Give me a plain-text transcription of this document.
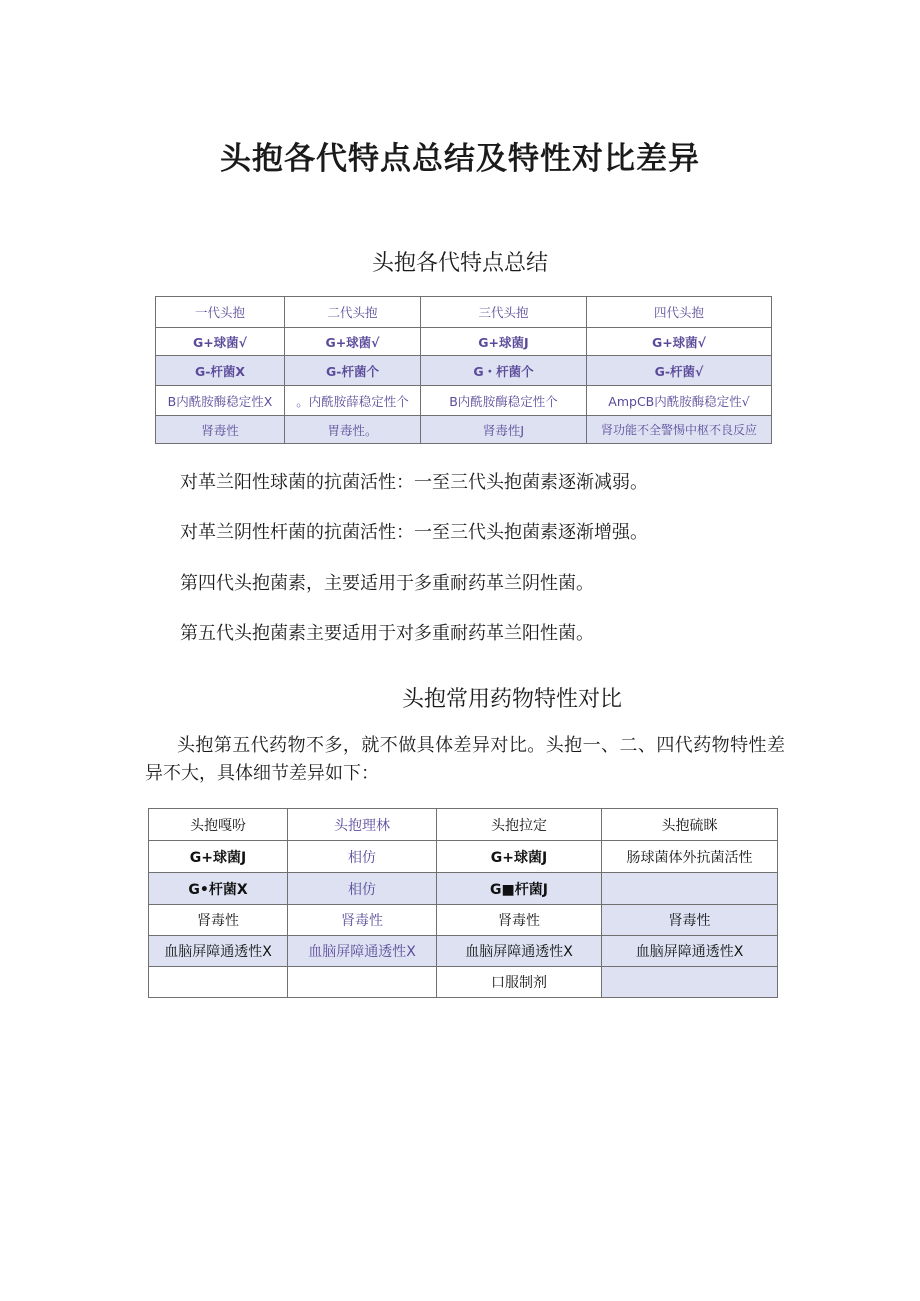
头抱各代特点总结及特性对比差异
头抱各代特点总结
一代头抱	二代头抱	三代头抱	四代头抱
G+球菌√	G+球菌√	G+球菌J	G+球菌√
G-杆菌X	G-杆菌个	G・杆菌个	G-杆菌√
B内酰胺酶稳定性X	。内酰胺薛稳定性个	B内酰胺酶稳定性个	AmpCB内酰胺酶稳定性√
肾毒性	胃毒性。	肾毒性J	肾功能不全警惕中枢不良反应
对革兰阳性球菌的抗菌活性：一至三代头抱菌素逐渐减弱。
对革兰阴性杆菌的抗菌活性：一至三代头抱菌素逐渐增强。
第四代头抱菌素，主要适用于多重耐药革兰阴性菌。
第五代头抱菌素主要适用于对多重耐药革兰阳性菌。
头抱常用药物特性对比
头抱第五代药物不多，就不做具体差异对比。头抱一、二、四代药物特性差异不大，具体细节差异如下：
头抱嘎吩	头抱理林	头抱拉定	头抱硫眯
G+球菌J	相仿	G+球菌J	肠球菌体外抗菌活性
G•杆菌X	相仿	G■杆菌J	
肾毒性	肾毒性	肾毒性	肾毒性
血脑屏障通透性X	血脑屏障通透性X	血脑屏障通透性X	血脑屏障通透性X
		口服制剂	
